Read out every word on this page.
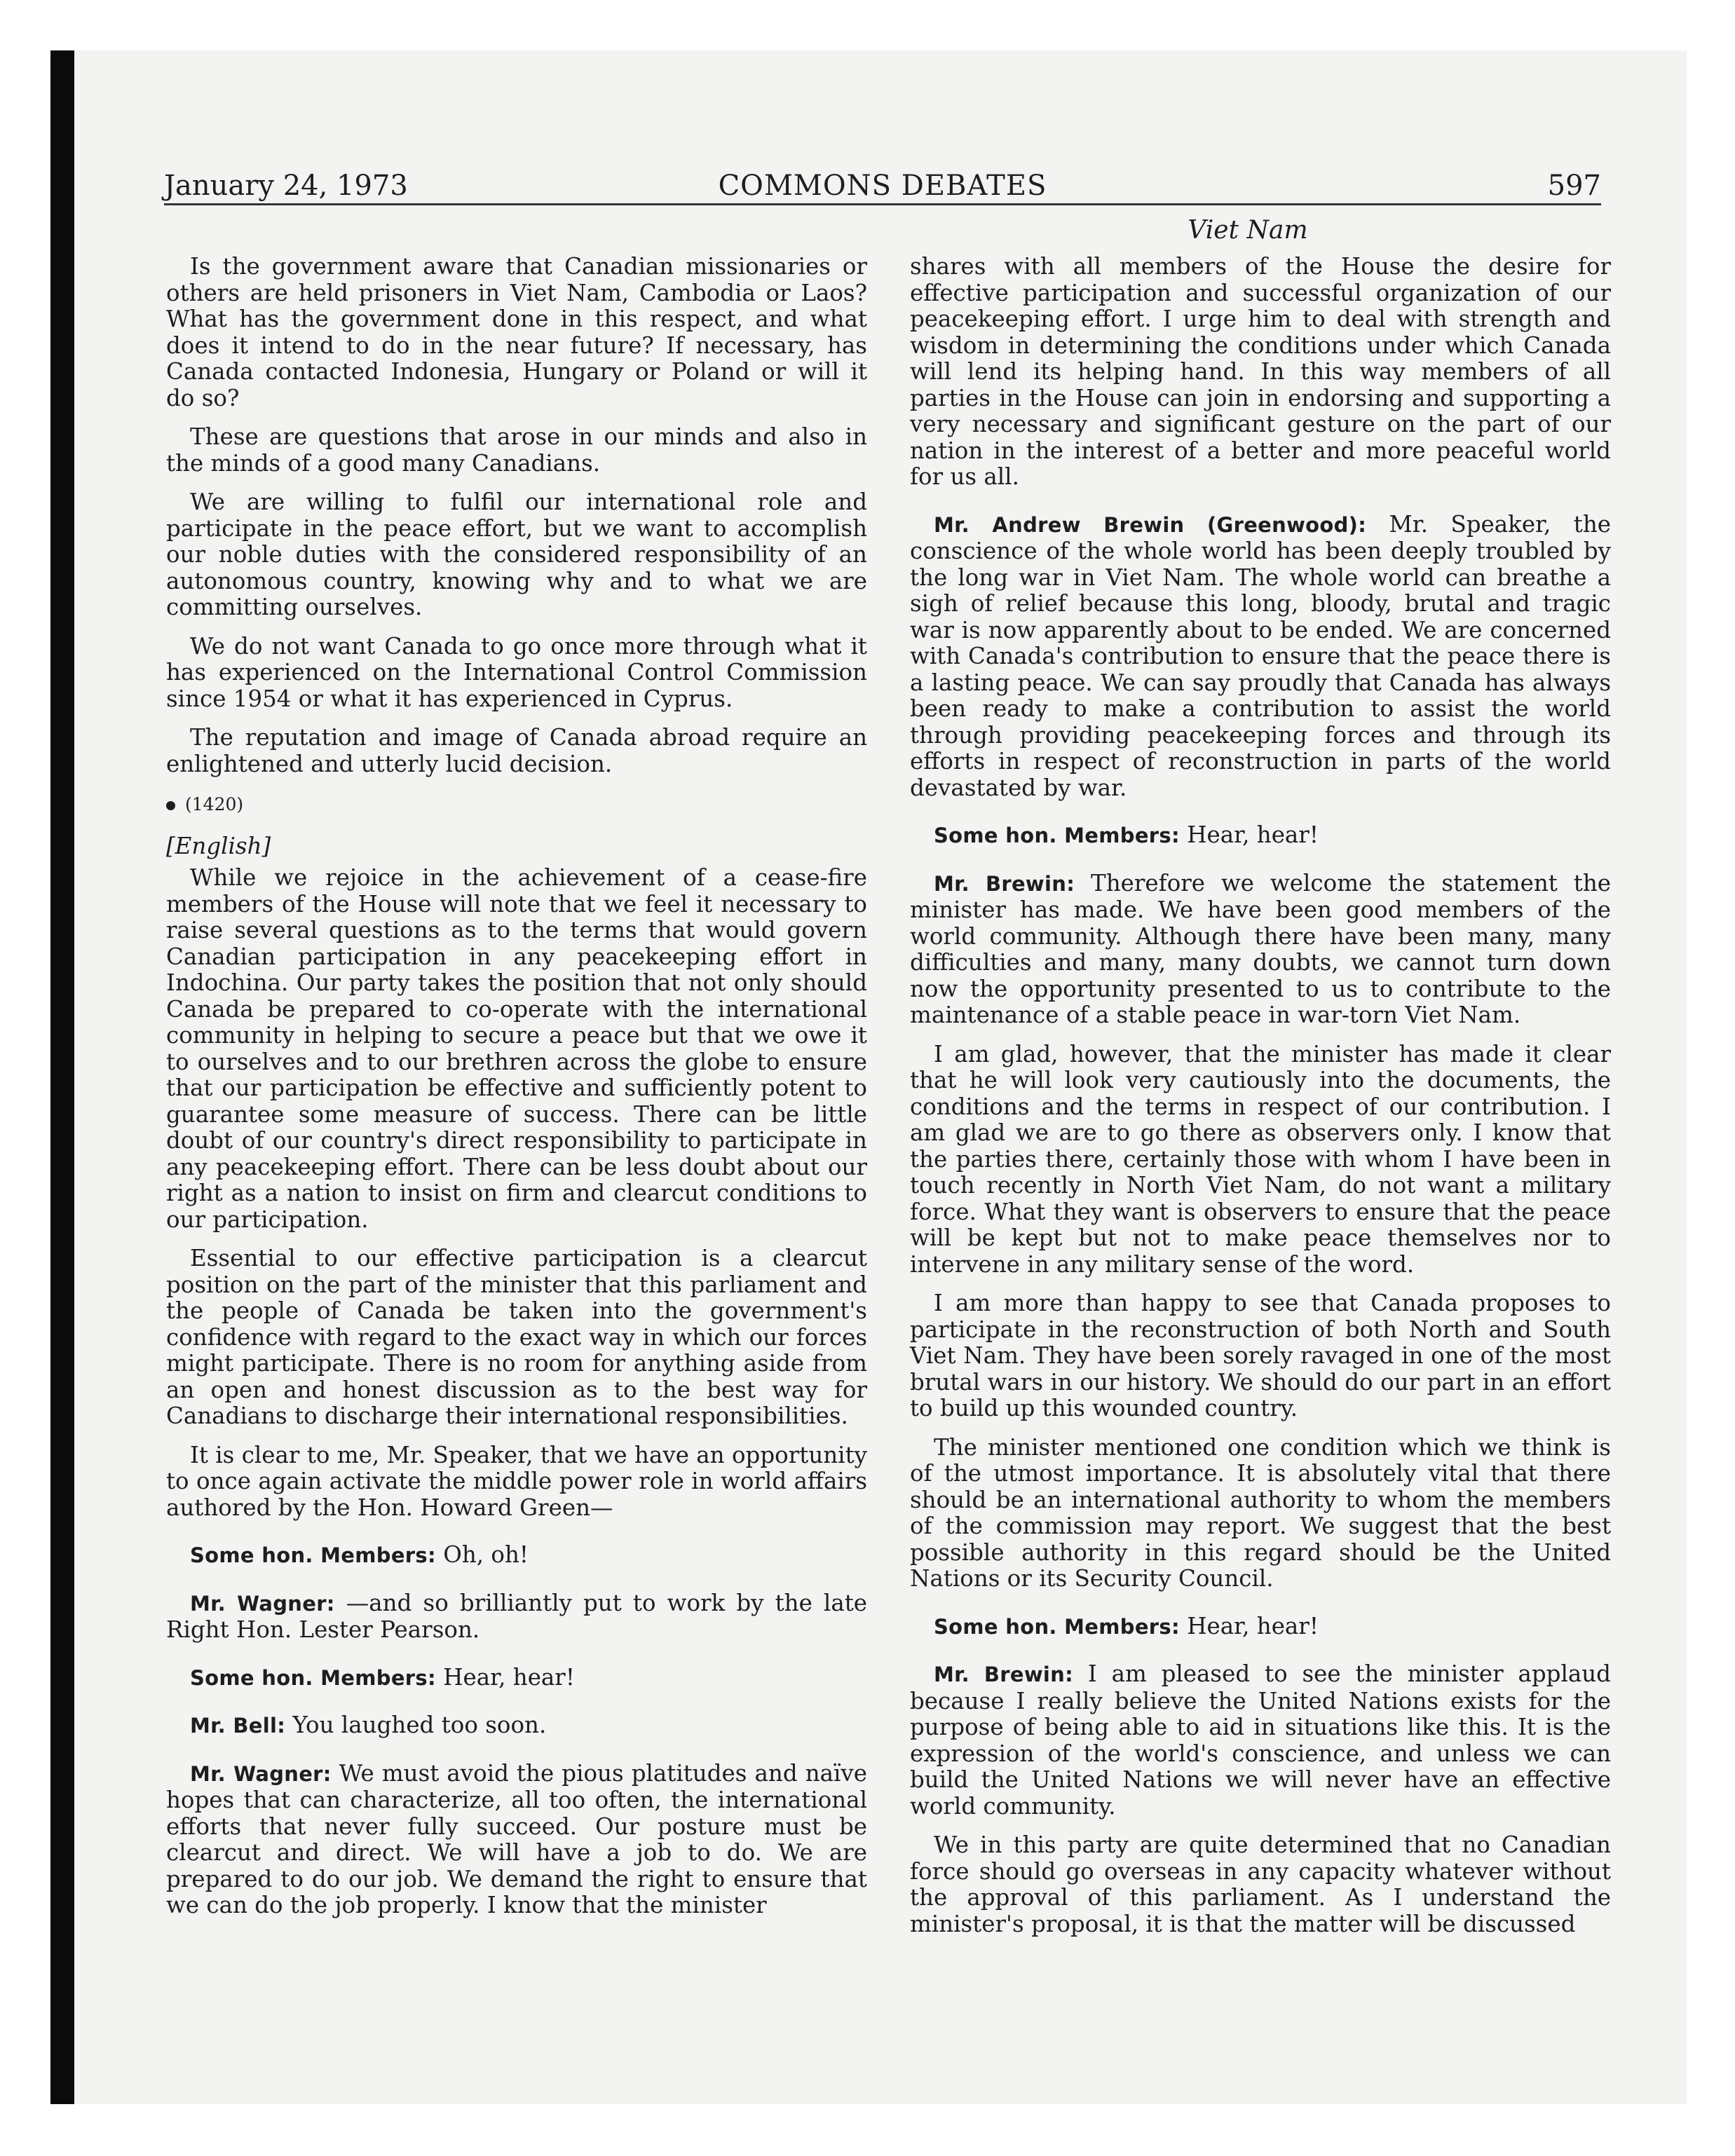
January 24, 1973	COMMONS DEBATES	597
Viet Nam

Is the government aware that Canadian missionaries or others are held prisoners in Viet Nam, Cambodia or Laos? What has the government done in this respect, and what does it intend to do in the near future? If necessary, has Canada contacted Indonesia, Hungary or Poland or will it do so?

These are questions that arose in our minds and also in the minds of a good many Canadians.

We are willing to fulfil our international role and participate in the peace effort, but we want to accomplish our noble duties with the considered responsibility of an autonomous country, knowing why and to what we are committing ourselves.

We do not want Canada to go once more through what it has experienced on the International Control Commission since 1954 or what it has experienced in Cyprus.

The reputation and image of Canada abroad require an enlightened and utterly lucid decision.

(1420)

[English]

While we rejoice in the achievement of a cease-fire members of the House will note that we feel it necessary to raise several questions as to the terms that would govern Canadian participation in any peacekeeping effort in Indochina. Our party takes the position that not only should Canada be prepared to co-operate with the international community in helping to secure a peace but that we owe it to ourselves and to our brethren across the globe to ensure that our participation be effective and sufficiently potent to guarantee some measure of success. There can be little doubt of our country's direct responsibility to participate in any peacekeeping effort. There can be less doubt about our right as a nation to insist on firm and clearcut conditions to our participation.

Essential to our effective participation is a clearcut position on the part of the minister that this parliament and the people of Canada be taken into the government's confidence with regard to the exact way in which our forces might participate. There is no room for anything aside from an open and honest discussion as to the best way for Canadians to discharge their international responsibilities.

It is clear to me, Mr. Speaker, that we have an opportunity to once again activate the middle power role in world affairs authored by the Hon. Howard Green—

Some hon. Members: Oh, oh!

Mr. Wagner: —and so brilliantly put to work by the late Right Hon. Lester Pearson.

Some hon. Members: Hear, hear!

Mr. Bell: You laughed too soon.

Mr. Wagner: We must avoid the pious platitudes and naïve hopes that can characterize, all too often, the international efforts that never fully succeed. Our posture must be clearcut and direct. We will have a job to do. We are prepared to do our job. We demand the right to ensure that we can do the job properly. I know that the minister

shares with all members of the House the desire for effective participation and successful organization of our peacekeeping effort. I urge him to deal with strength and wisdom in determining the conditions under which Canada will lend its helping hand. In this way members of all parties in the House can join in endorsing and supporting a very necessary and significant gesture on the part of our nation in the interest of a better and more peaceful world for us all.

Mr. Andrew Brewin (Greenwood): Mr. Speaker, the conscience of the whole world has been deeply troubled by the long war in Viet Nam. The whole world can breathe a sigh of relief because this long, bloody, brutal and tragic war is now apparently about to be ended. We are concerned with Canada's contribution to ensure that the peace there is a lasting peace. We can say proudly that Canada has always been ready to make a contribution to assist the world through providing peacekeeping forces and through its efforts in respect of reconstruction in parts of the world devastated by war.

Some hon. Members: Hear, hear!

Mr. Brewin: Therefore we welcome the statement the minister has made. We have been good members of the world community. Although there have been many, many difficulties and many, many doubts, we cannot turn down now the opportunity presented to us to contribute to the maintenance of a stable peace in war-torn Viet Nam.

I am glad, however, that the minister has made it clear that he will look very cautiously into the documents, the conditions and the terms in respect of our contribution. I am glad we are to go there as observers only. I know that the parties there, certainly those with whom I have been in touch recently in North Viet Nam, do not want a military force. What they want is observers to ensure that the peace will be kept but not to make peace themselves nor to intervene in any military sense of the word.

I am more than happy to see that Canada proposes to participate in the reconstruction of both North and South Viet Nam. They have been sorely ravaged in one of the most brutal wars in our history. We should do our part in an effort to build up this wounded country.

The minister mentioned one condition which we think is of the utmost importance. It is absolutely vital that there should be an international authority to whom the members of the commission may report. We suggest that the best possible authority in this regard should be the United Nations or its Security Council.

Some hon. Members: Hear, hear!

Mr. Brewin: I am pleased to see the minister applaud because I really believe the United Nations exists for the purpose of being able to aid in situations like this. It is the expression of the world's conscience, and unless we can build the United Nations we will never have an effective world community.

We in this party are quite determined that no Canadian force should go overseas in any capacity whatever without the approval of this parliament. As I understand the minister's proposal, it is that the matter will be discussed
